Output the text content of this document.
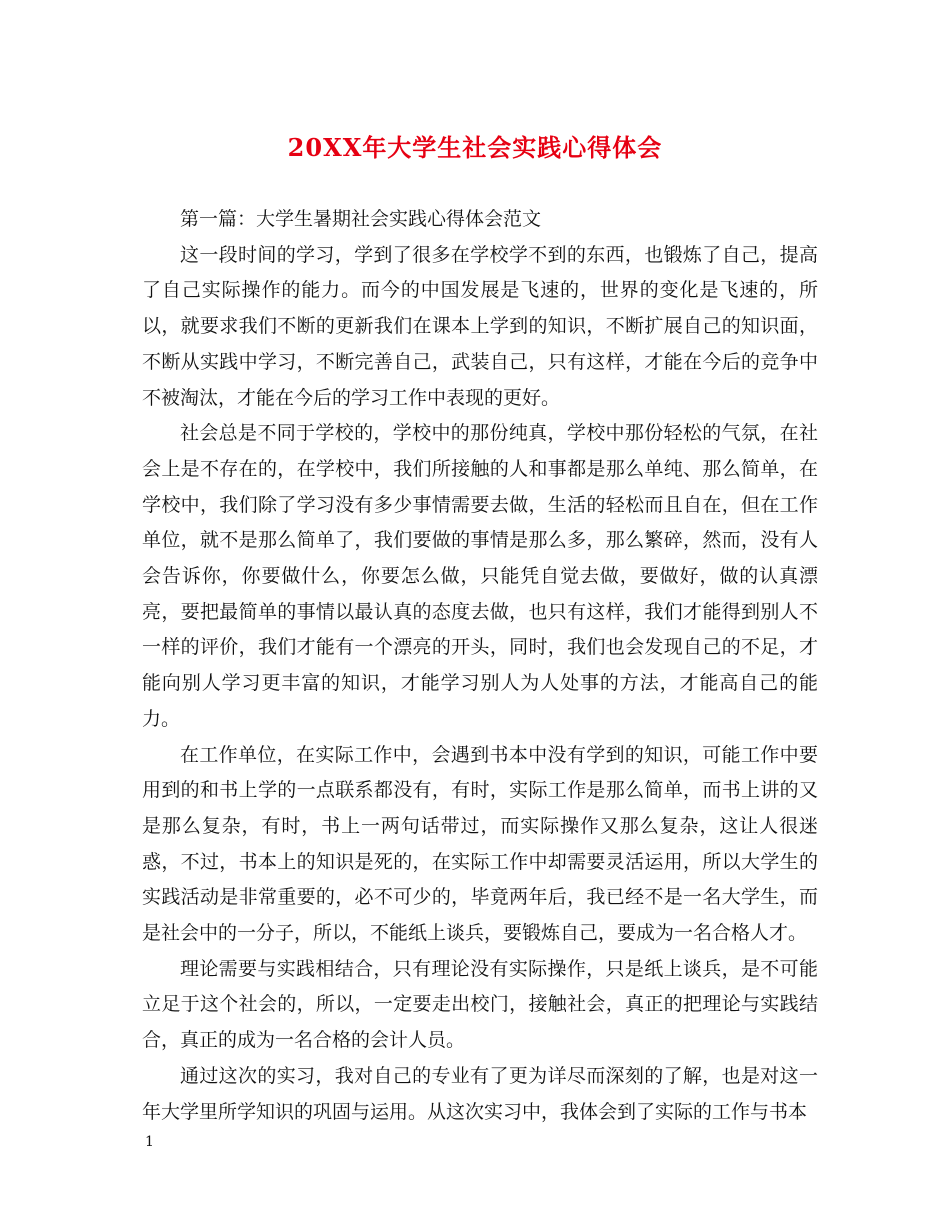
20XX年大学生社会实践心得体会

第一篇：大学生暑期社会实践心得体会范文

这一段时间的学习，学到了很多在学校学不到的东西，也锻炼了自己，提高了自己实际操作的能力。而今的中国发展是飞速的，世界的变化是飞速的，所以，就要求我们不断的更新我们在课本上学到的知识，不断扩展自己的知识面，不断从实践中学习，不断完善自己，武装自己，只有这样，才能在今后的竞争中不被淘汰，才能在今后的学习工作中表现的更好。

社会总是不同于学校的，学校中的那份纯真，学校中那份轻松的气氛，在社会上是不存在的，在学校中，我们所接触的人和事都是那么单纯、那么简单，在学校中，我们除了学习没有多少事情需要去做，生活的轻松而且自在，但在工作单位，就不是那么简单了，我们要做的事情是那么多，那么繁碎，然而，没有人会告诉你，你要做什么，你要怎么做，只能凭自觉去做，要做好，做的认真漂亮，要把最简单的事情以最认真的态度去做，也只有这样，我们才能得到别人不一样的评价，我们才能有一个漂亮的开头，同时，我们也会发现自己的不足，才能向别人学习更丰富的知识，才能学习别人为人处事的方法，才能高自己的能力。

在工作单位，在实际工作中，会遇到书本中没有学到的知识，可能工作中要用到的和书上学的一点联系都没有，有时，实际工作是那么简单，而书上讲的又是那么复杂，有时，书上一两句话带过，而实际操作又那么复杂，这让人很迷惑，不过，书本上的知识是死的，在实际工作中却需要灵活运用，所以大学生的实践活动是非常重要的，必不可少的，毕竟两年后，我已经不是一名大学生，而是社会中的一分子，所以，不能纸上谈兵，要锻炼自己，要成为一名合格人才。

理论需要与实践相结合，只有理论没有实际操作，只是纸上谈兵，是不可能立足于这个社会的，所以，一定要走出校门，接触社会，真正的把理论与实践结合，真正的成为一名合格的会计人员。

通过这次的实习，我对自己的专业有了更为详尽而深刻的了解，也是对这一年大学里所学知识的巩固与运用。从这次实习中，我体会到了实际的工作与书本

1
